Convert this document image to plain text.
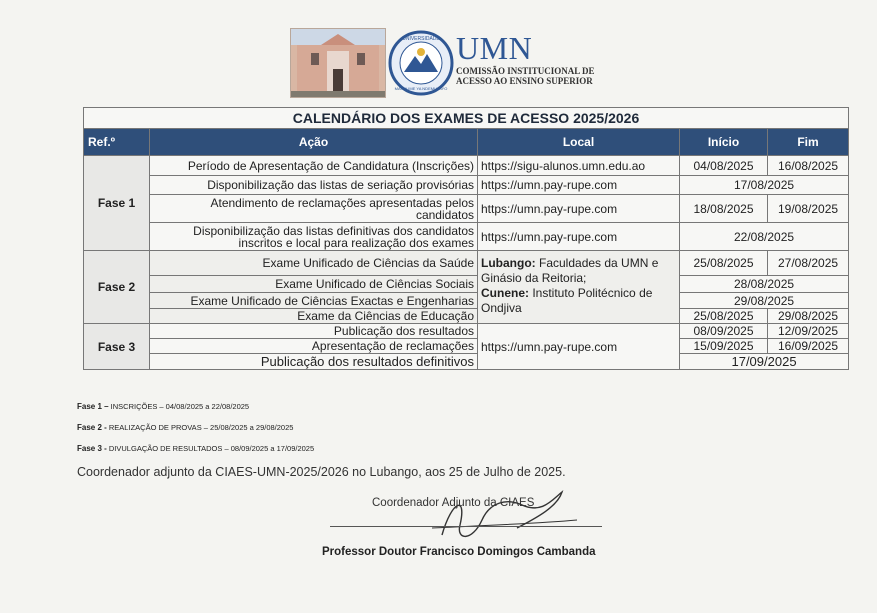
UNIVERSIDADE
MANDUME YA NDEMUFAYO
UMN
COMISSÃO INSTITUCIONAL DE
ACESSO AO ENSINO SUPERIOR
CALENDÁRIO DOS EXAMES DE ACESSO 2025/2026				
Ref.º	Ação	Local	Início	Fim
Fase 1	Período de Apresentação de Candidatura (Inscrições)	https://sigu-alunos.umn.edu.ao	04/08/2025	16/08/2025
	Disponibilização das listas de seriação provisórias	https://umn.pay-rupe.com	17/08/2025	
	Atendimento de reclamações apresentadas pelos candidatos	https://umn.pay-rupe.com	18/08/2025	19/08/2025
	Disponibilização das listas definitivas dos candidatos inscritos e local para realização dos exames	https://umn.pay-rupe.com	22/08/2025	
Fase 2	Exame Unificado de Ciências da Saúde	Lubango: Faculdades da UMN e Ginásio da Reitoria;
Cunene: Instituto Politécnico de Ondjiva	25/08/2025	27/08/2025
	Exame Unificado de Ciências Sociais		28/08/2025	
	Exame Unificado de Ciências Exactas e Engenharias		29/08/2025	
	Exame da Ciências de Educação		25/08/2025	29/08/2025
Fase 3	Publicação dos resultados	https://umn.pay-rupe.com	08/09/2025	12/09/2025
	Apresentação de reclamações		15/09/2025	16/09/2025
	Publicação dos resultados definitivos		17/09/2025	
Fase 1 – INSCRIÇÕES – 04/08/2025 a 22/08/2025
Fase 2 - REALIZAÇÃO DE PROVAS – 25/08/2025 a 29/08/2025
Fase 3 - DIVULGAÇÃO DE RESULTADOS – 08/09/2025 a 17/09/2025
Coordenador adjunto da CIAES-UMN-2025/2026 no Lubango, aos 25 de Julho de 2025.
Coordenador Adjunto da CIAES
Professor Doutor Francisco Domingos Cambanda
